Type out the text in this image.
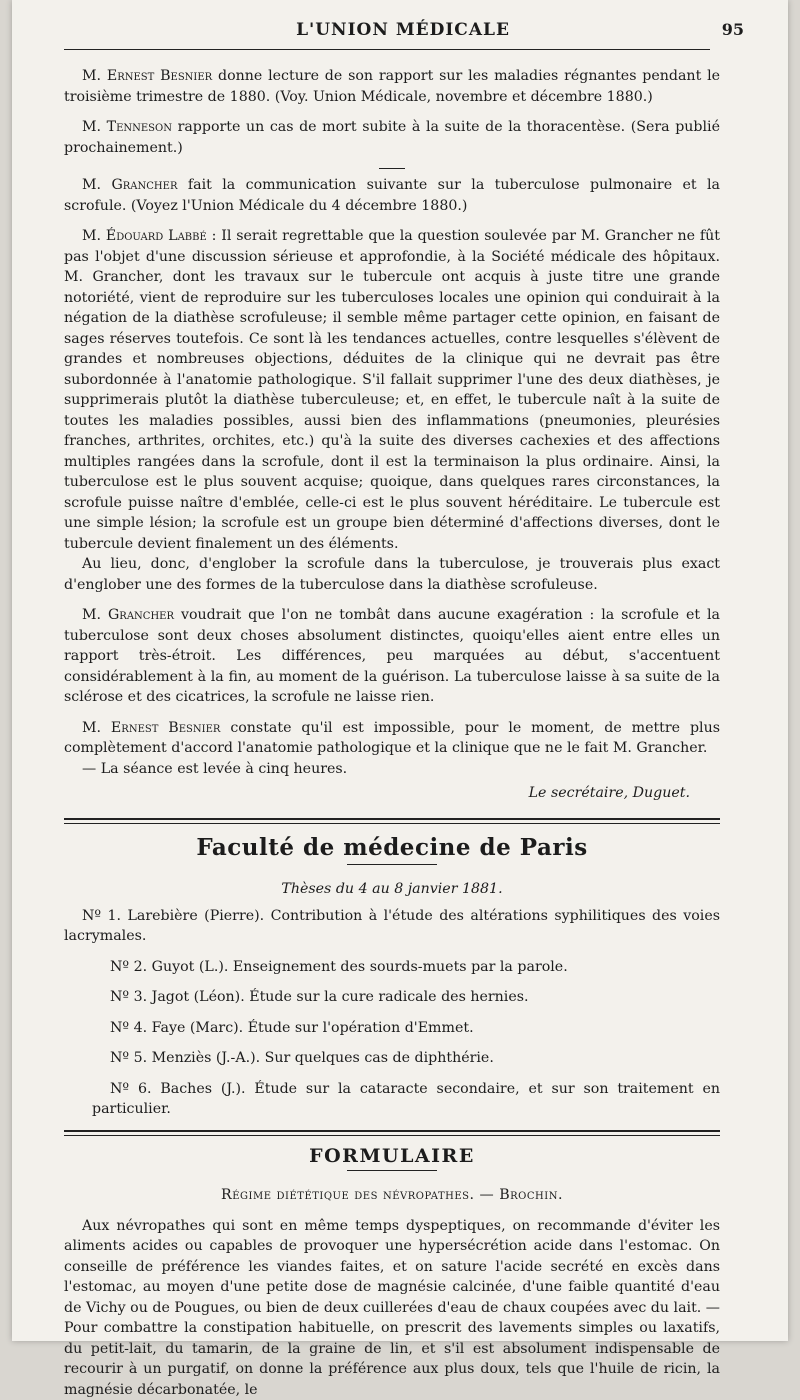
L'UNION MÉDICALE	95

M. Ernest Besnier donne lecture de son rapport sur les maladies régnantes pendant le troisième trimestre de 1880. (Voy. Union Médicale, novembre et décembre 1880.)

M. Tenneson rapporte un cas de mort subite à la suite de la thoracentèse. (Sera publié prochainement.)

M. Grancher fait la communication suivante sur la tuberculose pulmonaire et la scrofule. (Voyez l'Union Médicale du 4 décembre 1880.)

M. Édouard Labbé : Il serait regrettable que la question soulevée par M. Grancher ne fût pas l'objet d'une discussion sérieuse et approfondie, à la Société médicale des hôpitaux. M. Grancher, dont les travaux sur le tubercule ont acquis à juste titre une grande notoriété, vient de reproduire sur les tuberculoses locales une opinion qui conduirait à la négation de la diathèse scrofuleuse; il semble même partager cette opinion, en faisant de sages réserves toutefois. Ce sont là les tendances actuelles, contre lesquelles s'élèvent de grandes et nombreuses objections, déduites de la clinique qui ne devrait pas être subordonnée à l'anatomie pathologique. S'il fallait supprimer l'une des deux diathèses, je supprimerais plutôt la diathèse tuberculeuse; et, en effet, le tubercule naît à la suite de toutes les maladies possibles, aussi bien des inflammations (pneumonies, pleurésies franches, arthrites, orchites, etc.) qu'à la suite des diverses cachexies et des affections multiples rangées dans la scrofule, dont il est la terminaison la plus ordinaire. Ainsi, la tuberculose est le plus souvent acquise; quoique, dans quelques rares circonstances, la scrofule puisse naître d'emblée, celle-ci est le plus souvent héréditaire. Le tubercule est une simple lésion; la scrofule est un groupe bien déterminé d'affections diverses, dont le tubercule devient finalement un des éléments.

Au lieu, donc, d'englober la scrofule dans la tuberculose, je trouverais plus exact d'englober une des formes de la tuberculose dans la diathèse scrofuleuse.

M. Grancher voudrait que l'on ne tombât dans aucune exagération : la scrofule et la tuberculose sont deux choses absolument distinctes, quoiqu'elles aient entre elles un rapport très-étroit. Les différences, peu marquées au début, s'accentuent considérablement à la fin, au moment de la guérison. La tuberculose laisse à sa suite de la sclérose et des cicatrices, la scrofule ne laisse rien.

M. Ernest Besnier constate qu'il est impossible, pour le moment, de mettre plus complètement d'accord l'anatomie pathologique et la clinique que ne le fait M. Grancher.

— La séance est levée à cinq heures.

Le secrétaire, Duguet.
Faculté de médecine de Paris
Thèses du 4 au 8 janvier 1881.

Nº 1. Larebière (Pierre). Contribution à l'étude des altérations syphilitiques des voies lacrymales.

Nº 2. Guyot (L.). Enseignement des sourds-muets par la parole.

Nº 3. Jagot (Léon). Étude sur la cure radicale des hernies.

Nº 4. Faye (Marc). Étude sur l'opération d'Emmet.

Nº 5. Menziès (J.-A.). Sur quelques cas de diphthérie.

Nº 6. Baches (J.). Étude sur la cataracte secondaire, et sur son traitement en particulier.

FORMULAIRE
Régime diététique des névropathes. — Brochin.

Aux névropathes qui sont en même temps dyspeptiques, on recommande d'éviter les aliments acides ou capables de provoquer une hypersécrétion acide dans l'estomac. On conseille de préférence les viandes faites, et on sature l'acide secrété en excès dans l'estomac, au moyen d'une petite dose de magnésie calcinée, d'une faible quantité d'eau de Vichy ou de Pougues, ou bien de deux cuillerées d'eau de chaux coupées avec du lait. — Pour combattre la constipation habituelle, on prescrit des lavements simples ou laxatifs, du petit-lait, du tamarin, de la graine de lin, et s'il est absolument indispensable de recourir à un purgatif, on donne la préférence aux plus doux, tels que l'huile de ricin, la magnésie décarbonatée, le
